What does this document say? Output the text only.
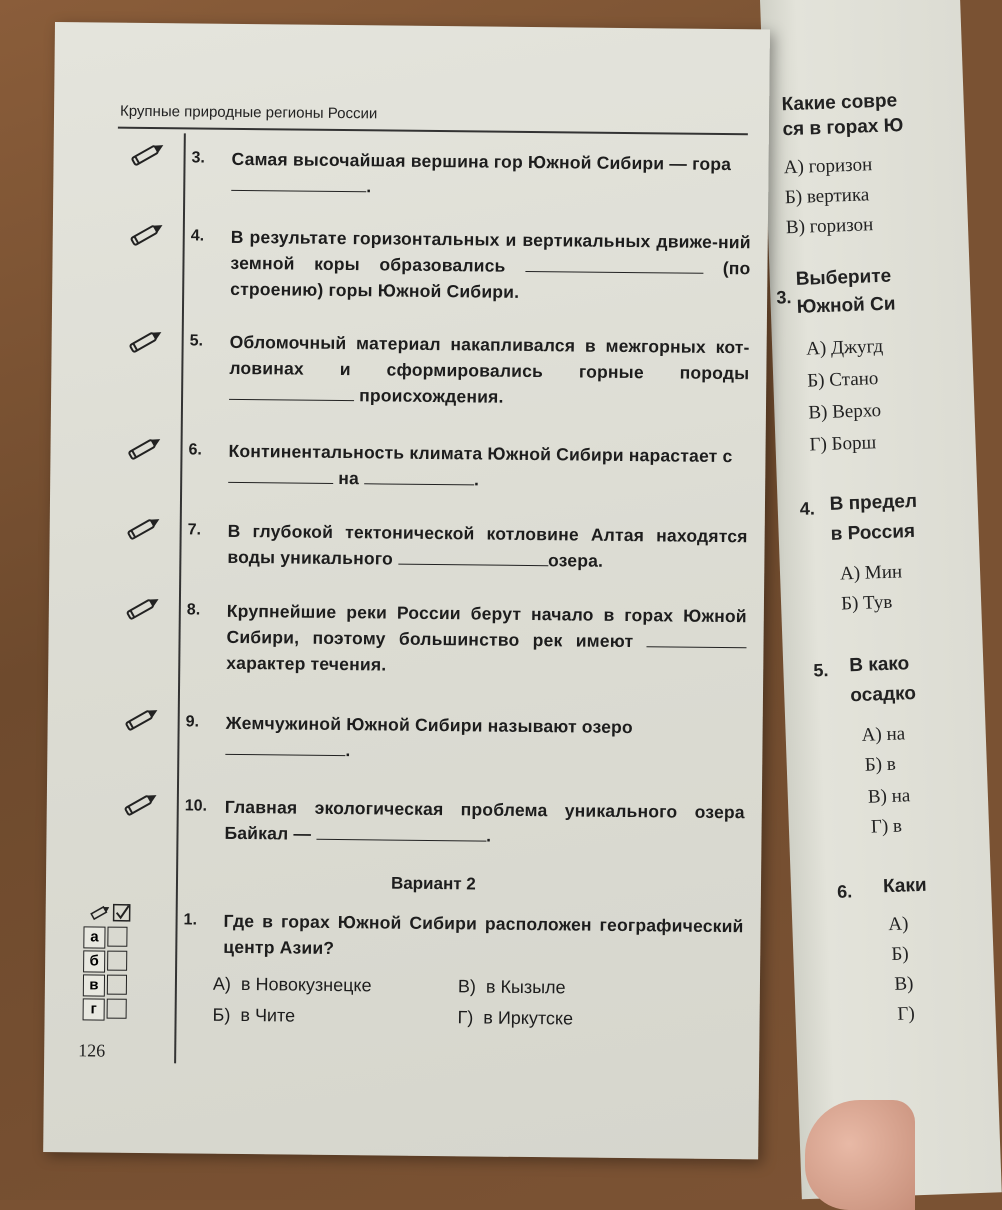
Какие совре
ся в горах Ю
А) горизон
Б) вертика
В) горизон
3.
Выберите
Южной Си
А) Джугд
Б) Стано
В) Верхо
Г) Борш
4. В предел
в Россия
А) Мин
Б) Тув
5. В како
осадко
А) на
Б) в
В) на
Г) в
6. Каки
А)
Б)
В)
Г)
Крупные природные регионы России
3. Самая высочайшая вершина гор Южной Сибири — гора
.
4. В результате горизонтальных и вертикальных движе-ний земной коры образовались	(по строению) горы Южной Сибири.
5. Обломочный материал накапливался в межгорных кот-ловинах и сформировались горные породы  происхождения.
6. Континентальность климата Южной Сибири нарастает с
на	.
7. В глубокой тектонической котловине Алтая находятся воды уникального	озера.
8. Крупнейшие реки России берут начало в горах Южной Сибири, поэтому большинство рек имеют  характер течения.
9. Жемчужиной Южной Сибири называют озеро
.
10. Главная экологическая проблема уникального озера Байкал —	.
Вариант 2
а
б
в
г
1. Где в горах Южной Сибири расположен географический центр Азии?
А) в Новокузнецке	В) в Кызыле
Б) в Чите	Г) в Иркутске
126
